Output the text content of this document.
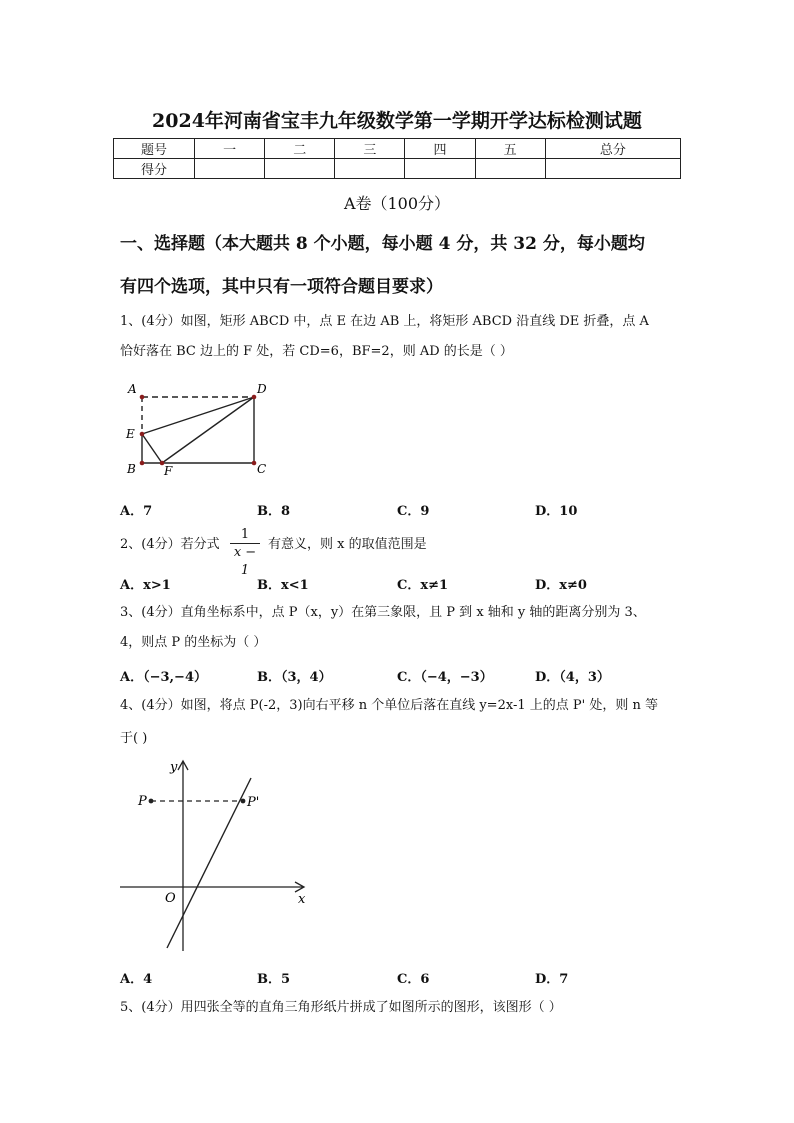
2024年河南省宝丰九年级数学第一学期开学达标检测试题
题号	一	二	三	四	五	总分
得分						
A卷（100分）
一、选择题（本大题共 8 个小题，每小题 4 分，共 32 分，每小题均
有四个选项，其中只有一项符合题目要求）
1、(4分）如图，矩形 ABCD 中，点 E 在边 AB 上，将矩形 ABCD 沿直线 DE 折叠，点 A
恰好落在 BC 边上的 F 处，若 CD=6，BF=2，则 AD 的长是（ ）
A	D
E
B F	C
A．7	B．8	C．9	D．10
2、(4分）若分式
1
x − 1
有意义，则 x 的取值范围是
A．x>1	B．x<1	C．x≠1	D．x≠0
3、(4分）直角坐标系中，点 P（x，y）在第三象限，且 P 到 x 轴和 y 轴的距离分别为 3、
4，则点 P 的坐标为（ ）
A．（−3,−4）	B．（3，4）	C．（−4，−3）	D．（4，3）
4、(4分）如图，将点 P(-2，3)向右平移 n 个单位后落在直线 y=2x-1 上的点 P' 处，则 n 等
于( )
y
x
O
P	P'
A．4	B．5	C．6	D．7
5、(4分）用四张全等的直角三角形纸片拼成了如图所示的图形，该图形（ ）
